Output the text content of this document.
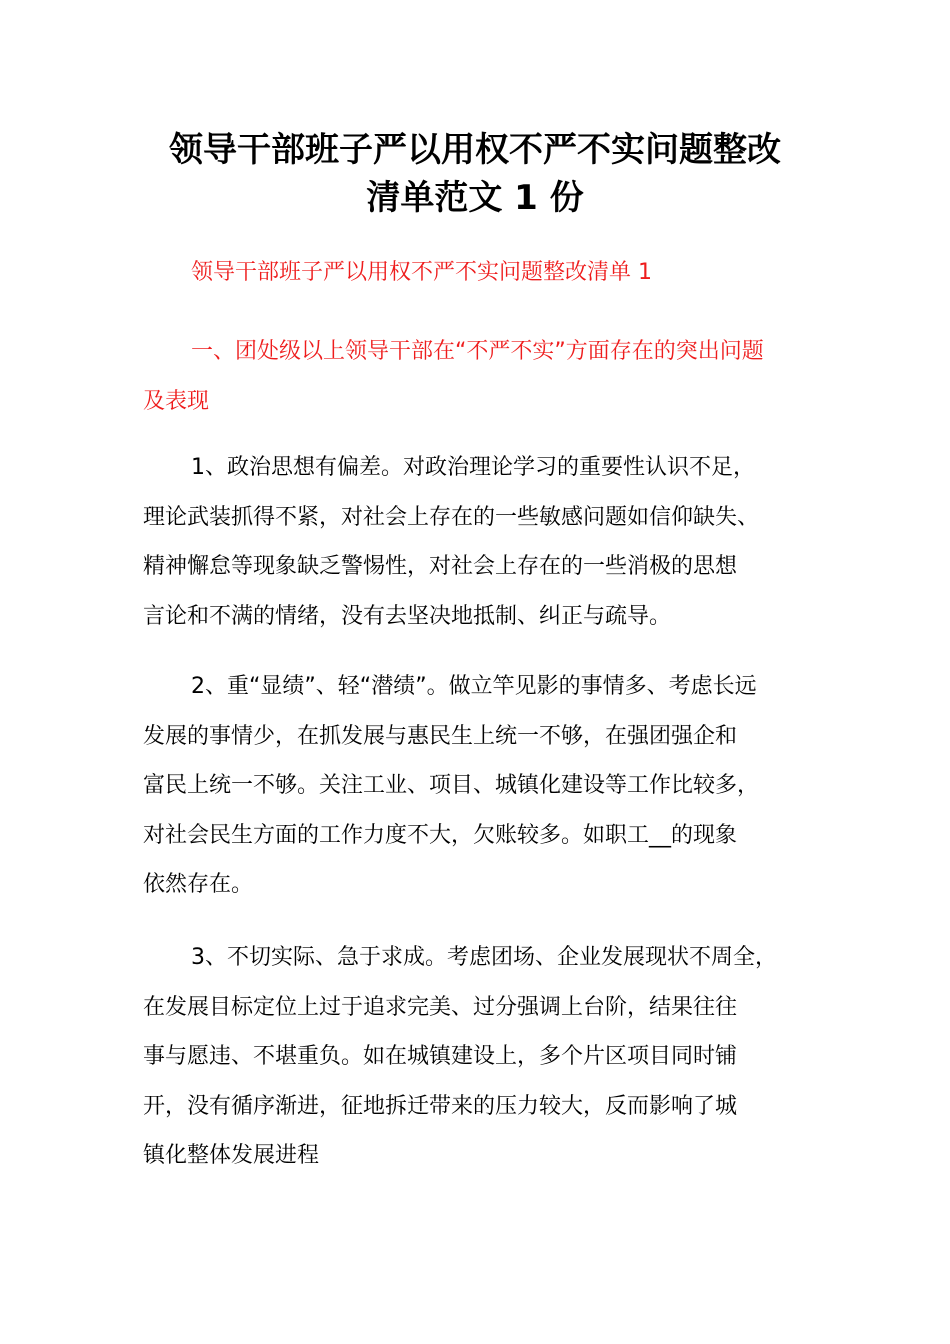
领导干部班子严以用权不严不实问题整改
清单范文 1 份
领导干部班子严以用权不严不实问题整改清单 1
一、团处级以上领导干部在“不严不实”方面存在的突出问题
及表现
1、政治思想有偏差。对政治理论学习的重要性认识不足，
理论武装抓得不紧，对社会上存在的一些敏感问题如信仰缺失、
精神懈怠等现象缺乏警惕性，对社会上存在的一些消极的思想
言论和不满的情绪，没有去坚决地抵制、纠正与疏导。
2、重“显绩”、轻“潜绩”。做立竿见影的事情多、考虑长远
发展的事情少，在抓发展与惠民生上统一不够，在强团强企和
富民上统一不够。关注工业、项目、城镇化建设等工作比较多，
对社会民生方面的工作力度不大，欠账较多。如职工__的现象
依然存在。
3、不切实际、急于求成。考虑团场、企业发展现状不周全，
在发展目标定位上过于追求完美、过分强调上台阶，结果往往
事与愿违、不堪重负。如在城镇建设上，多个片区项目同时铺
开，没有循序渐进，征地拆迁带来的压力较大，反而影响了城
镇化整体发展进程
